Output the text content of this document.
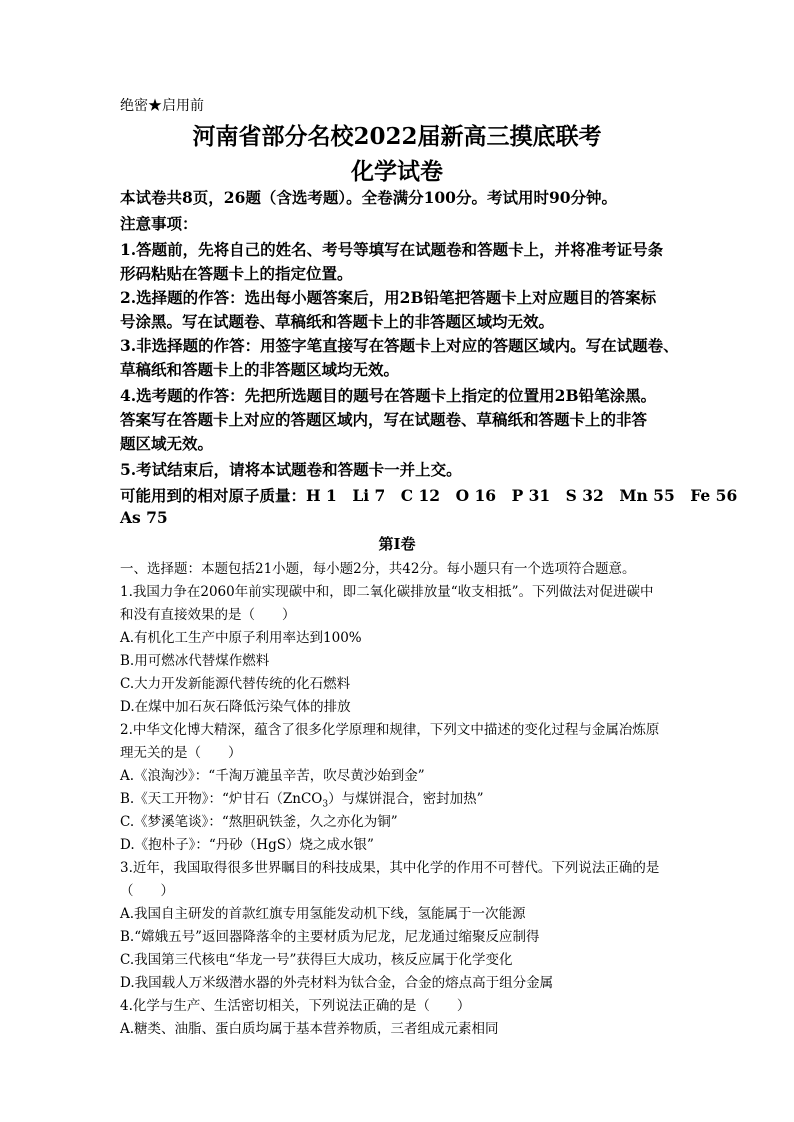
绝密★启用前
河南省部分名校2022届新高三摸底联考
化学试卷
本试卷共8页，26题（含选考题）。全卷满分100分。考试用时90分钟。
注意事项：
1.答题前，先将自己的姓名、考号等填写在试题卷和答题卡上，并将准考证号条
形码粘贴在答题卡上的指定位置。
2.选择题的作答：选出每小题答案后，用2B铅笔把答题卡上对应题目的答案标
号涂黑。写在试题卷、草稿纸和答题卡上的非答题区域均无效。
3.非选择题的作答：用签字笔直接写在答题卡上对应的答题区域内。写在试题卷、
草稿纸和答题卡上的非答题区域均无效。
4.选考题的作答：先把所选题目的题号在答题卡上指定的位置用2B铅笔涂黑。
答案写在答题卡上对应的答题区域内，写在试题卷、草稿纸和答题卡上的非答
题区域无效。
5.考试结束后，请将本试题卷和答题卡一并上交。
可能用到的相对原子质量：H 1　Li 7　C 12　O 16　P 31　S 32　Mn 55　Fe 56
As 75
第Ⅰ卷
一、选择题：本题包括21小题，每小题2分，共42分。每小题只有一个选项符合题意。
1.我国力争在2060年前实现碳中和，即二氧化碳排放量“收支相抵”。下列做法对促进碳中
和没有直接效果的是（　　）
A.有机化工生产中原子利用率达到100%
B.用可燃冰代替煤作燃料
C.大力开发新能源代替传统的化石燃料
D.在煤中加石灰石降低污染气体的排放
2.中华文化博大精深，蕴含了很多化学原理和规律，下列文中描述的变化过程与金属冶炼原
理无关的是（　　）
A.《浪淘沙》：“千淘万漉虽辛苦，吹尽黄沙始到金”
B.《天工开物》：“炉甘石（ZnCO$_3$）与煤饼混合，密封加热”
C.《梦溪笔谈》：“熬胆矾铁釜，久之亦化为铜”
D.《抱朴子》：“丹砂（HgS）烧之成水银”
3.近年，我国取得很多世界瞩目的科技成果，其中化学的作用不可替代。下列说法正确的是
（　　）
A.我国自主研发的首款红旗专用氢能发动机下线，氢能属于一次能源
B.“嫦娥五号”返回器降落伞的主要材质为尼龙，尼龙通过缩聚反应制得
C.我国第三代核电“华龙一号”获得巨大成功，核反应属于化学变化
D.我国载人万米级潜水器的外壳材料为钛合金，合金的熔点高于组分金属
4.化学与生产、生活密切相关，下列说法正确的是（　　）
A.糖类、油脂、蛋白质均属于基本营养物质，三者组成元素相同
